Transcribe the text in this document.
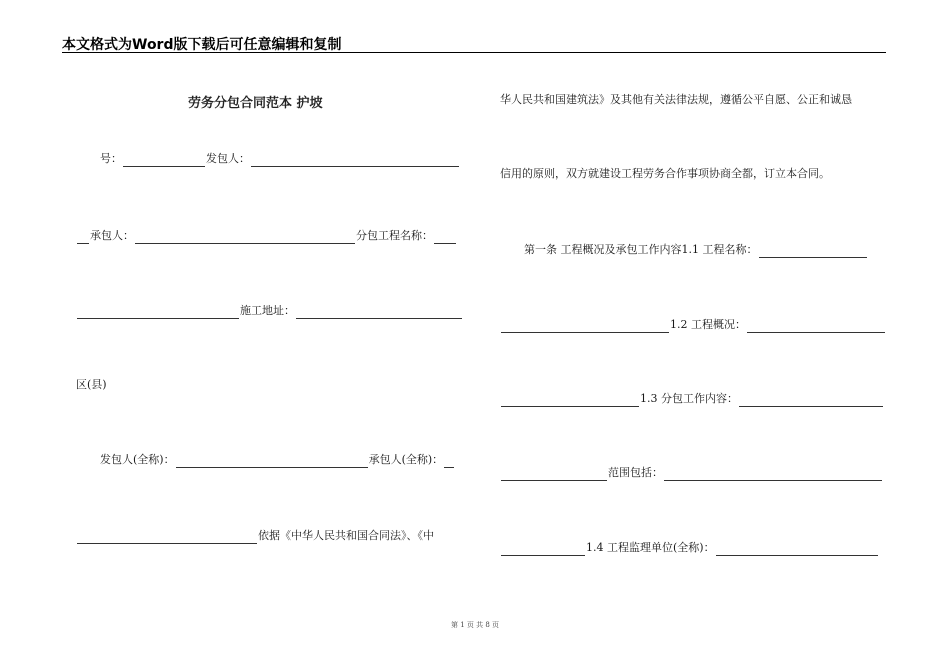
本文格式为Word版下载后可任意编辑和复制
劳务分包合同范本 护坡
号：	发包人：
承包人：	分包工程名称：
施工地址：
区(县)
发包人(全称)：	承包人(全称)：
依据《中华人民共和国合同法》、《中
华人民共和国建筑法》及其他有关法律法规，遵循公平自愿、公正和诚恳
信用的原则，双方就建设工程劳务合作事项协商全都，订立本合同。
第一条 工程概况及承包工作内容1.1 工程名称：
1.2 工程概况：
1.3 分包工作内容：
范围包括：
1.4 工程监理单位(全称)：
第 1 页 共 8 页
